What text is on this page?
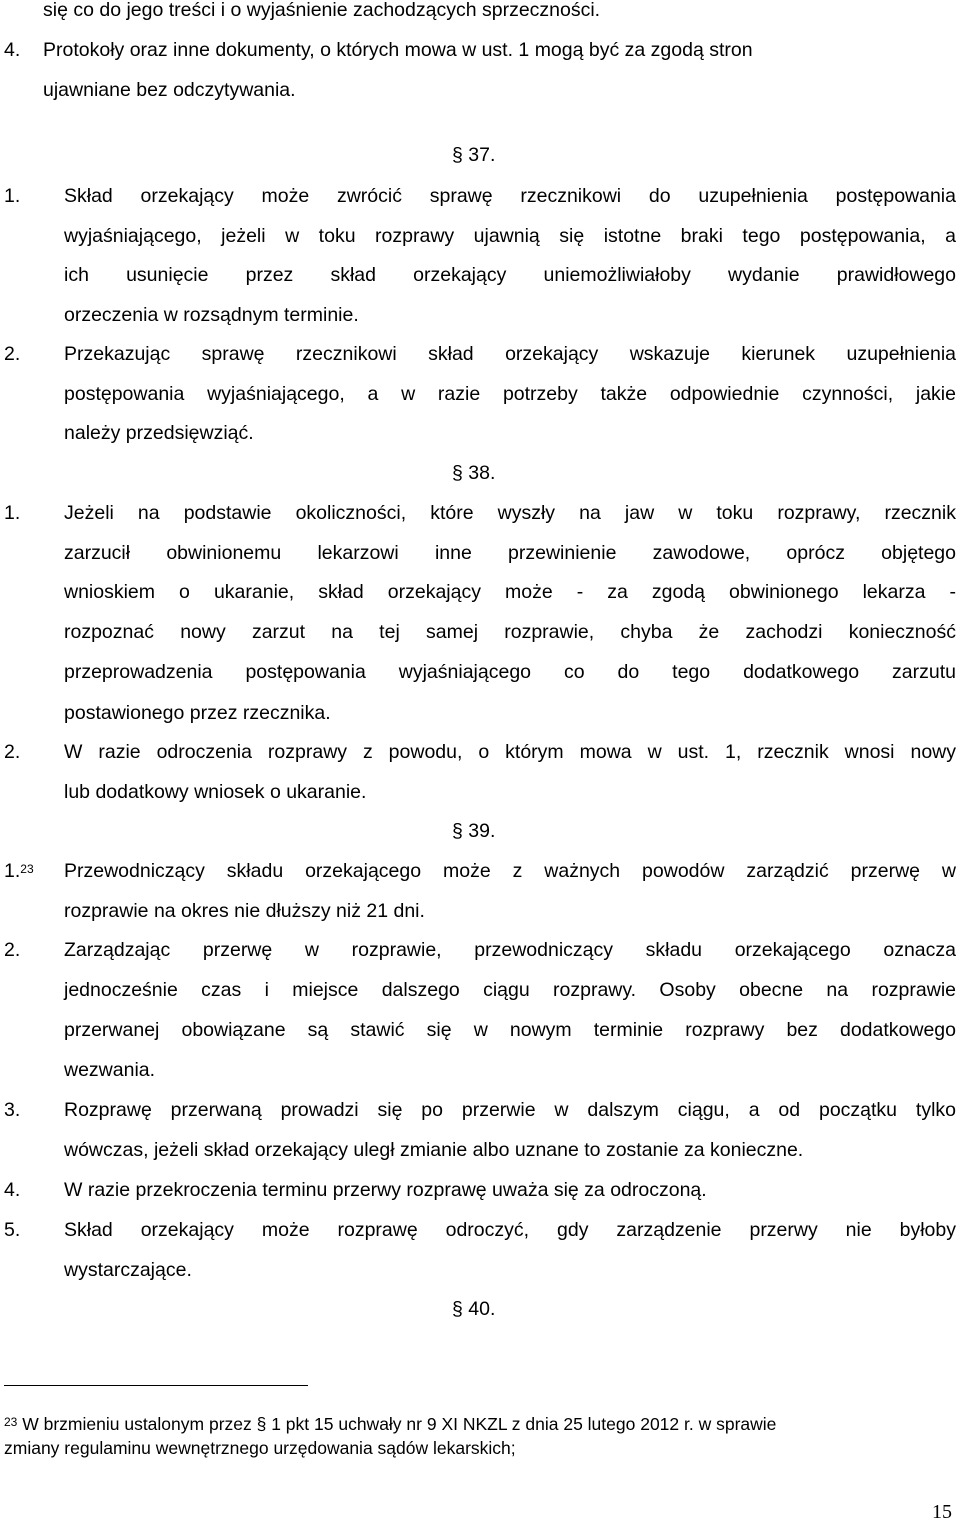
się co do jego treści i o wyjaśnienie zachodzących sprzeczności.
4. Protokoły oraz inne dokumenty, o których mowa w ust. 1 mogą być za zgodą stron
ujawniane bez odczytywania.
§ 37.
1. Skład orzekający może zwrócić sprawę rzecznikowi do uzupełnienia postępowania
wyjaśniającego, jeżeli w toku rozprawy ujawnią się istotne braki tego postępowania, a
ich usunięcie przez skład orzekający uniemożliwiałoby wydanie prawidłowego
orzeczenia w rozsądnym terminie.
2. Przekazując sprawę rzecznikowi skład orzekający wskazuje kierunek uzupełnienia
postępowania wyjaśniającego, a w razie potrzeby także odpowiednie czynności, jakie
należy przedsięwziąć.
§ 38.
1. Jeżeli na podstawie okoliczności, które wyszły na jaw w toku rozprawy, rzecznik
zarzucił obwinionemu lekarzowi inne przewinienie zawodowe, oprócz objętego
wnioskiem o ukaranie, skład orzekający może - za zgodą obwinionego lekarza -
rozpoznać nowy zarzut na tej samej rozprawie, chyba że zachodzi konieczność
przeprowadzenia postępowania wyjaśniającego co do tego dodatkowego zarzutu
postawionego przez rzecznika.
2. W razie odroczenia rozprawy z powodu, o którym mowa w ust. 1, rzecznik wnosi nowy
lub dodatkowy wniosek o ukaranie.
§ 39.
1.23 Przewodniczący składu orzekającego może z ważnych powodów zarządzić przerwę w
rozprawie na okres nie dłuższy niż 21 dni.
2. Zarządzając przerwę w rozprawie, przewodniczący składu orzekającego oznacza
jednocześnie czas i miejsce dalszego ciągu rozprawy. Osoby obecne na rozprawie
przerwanej obowiązane są stawić się w nowym terminie rozprawy bez dodatkowego
wezwania.
3. Rozprawę przerwaną prowadzi się po przerwie w dalszym ciągu, a od początku tylko
wówczas, jeżeli skład orzekający uległ zmianie albo uznane to zostanie za konieczne.
4. W razie przekroczenia terminu przerwy rozprawę uważa się za odroczoną.
5. Skład orzekający może rozprawę odroczyć, gdy zarządzenie przerwy nie byłoby
wystarczające.
§ 40.
$^{23}$ W brzmieniu ustalonym przez § 1 pkt 15 uchwały nr 9 XI NKZL z dnia 25 lutego 2012 r. w sprawie
zmiany regulaminu wewnętrznego urzędowania sądów lekarskich;
15
